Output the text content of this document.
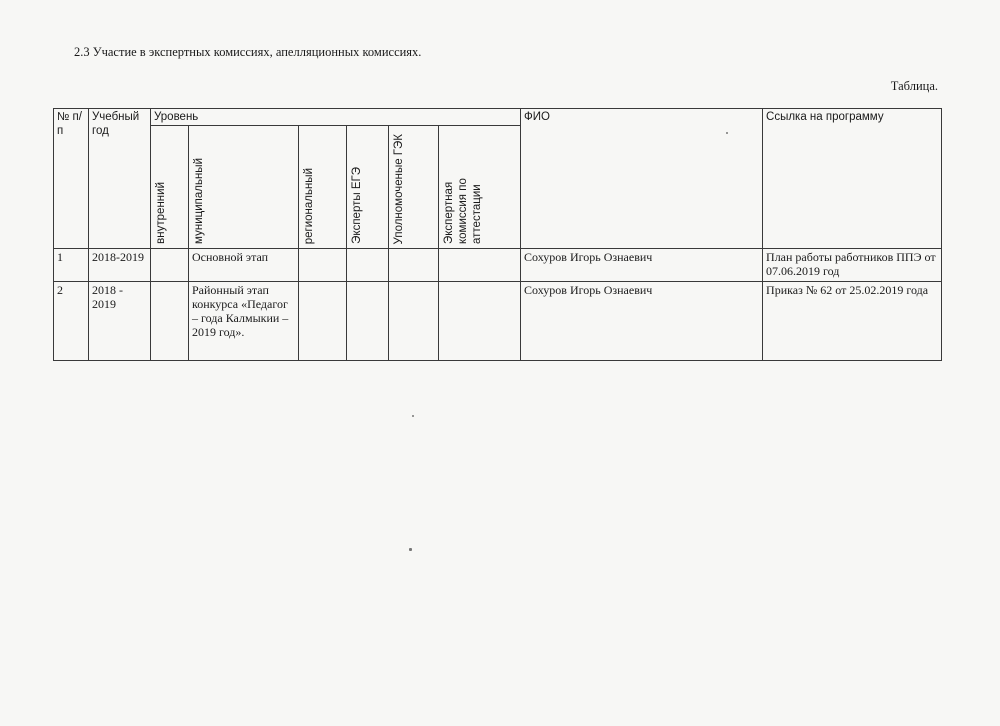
2.3 Участие в экспертных комиссиях, апелляционных комиссиях.
Таблица.
№ п/п	Учебный год	Уровень						ФИО	Ссылка на программу

		внутренний	муниципальный	региональный	Эксперты ЕГЭ	Уполномоченые ГЭК	Экспертная комиссия по аттестации		

1	2018-2019		Основной этап					Сохуров Игорь Ознаевич	План работы работников ППЭ от 07.06.2019 год
2	2018 - 2019		Районный этап конкурса «Педагог – года Калмыкии – 2019 год».					Сохуров Игорь Ознаевич	Приказ № 62 от 25.02.2019 года
